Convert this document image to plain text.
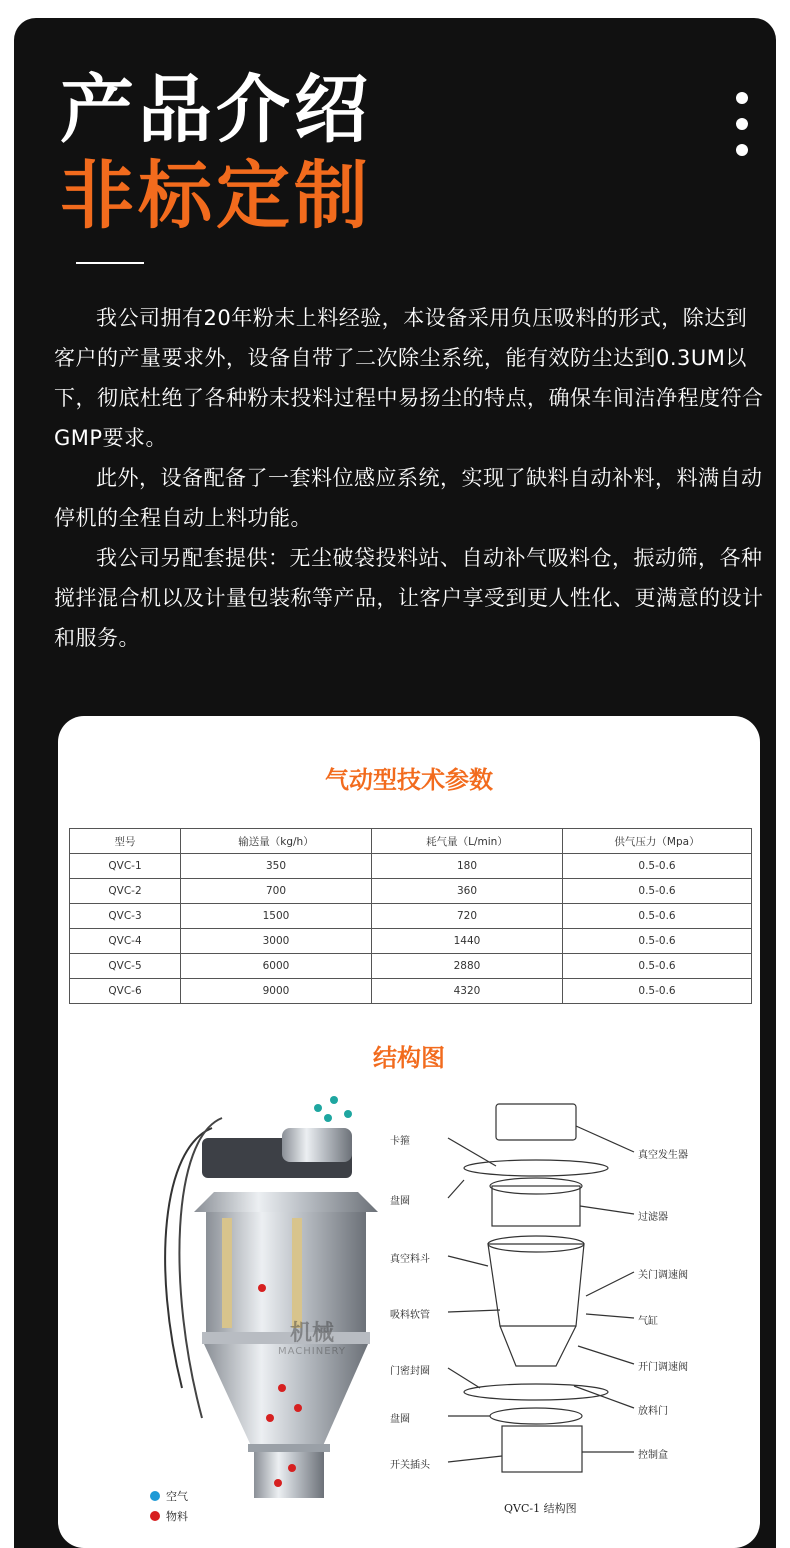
产品介绍
非标定制

我公司拥有20年粉末上料经验，本设备采用负压吸料的形式，除达到客户的产量要求外，设备自带了二次除尘系统，能有效防尘达到0.3UM以下，彻底杜绝了各种粉末投料过程中易扬尘的特点，确保车间洁净程度符合GMP要求。

此外，设备配备了一套料位感应系统，实现了缺料自动补料，料满自动停机的全程自动上料功能。

我公司另配套提供：无尘破袋投料站、自动补气吸料仓，振动筛，各种搅拌混合机以及计量包装称等产品，让客户享受到更人性化、更满意的设计和服务。

气动型技术参数
型号	输送量（kg/h）	耗气量（L/min）	供气压力（Mpa）
QVC-1	350	180	0.5-0.6
QVC-2	700	360	0.5-0.6
QVC-3	1500	720	0.5-0.6
QVC-4	3000	1440	0.5-0.6
QVC-5	6000	2880	0.5-0.6
QVC-6	9000	4320	0.5-0.6
结构图
机械
MACHINERY
空气
物料
卡箍
盘圈
真空料斗
吸料软管
门密封圈
盘圈
开关插头
真空发生器
过滤器
关门调速阀
气缸
开门调速阀
放料门
控制盒
QVC-1 结构图
